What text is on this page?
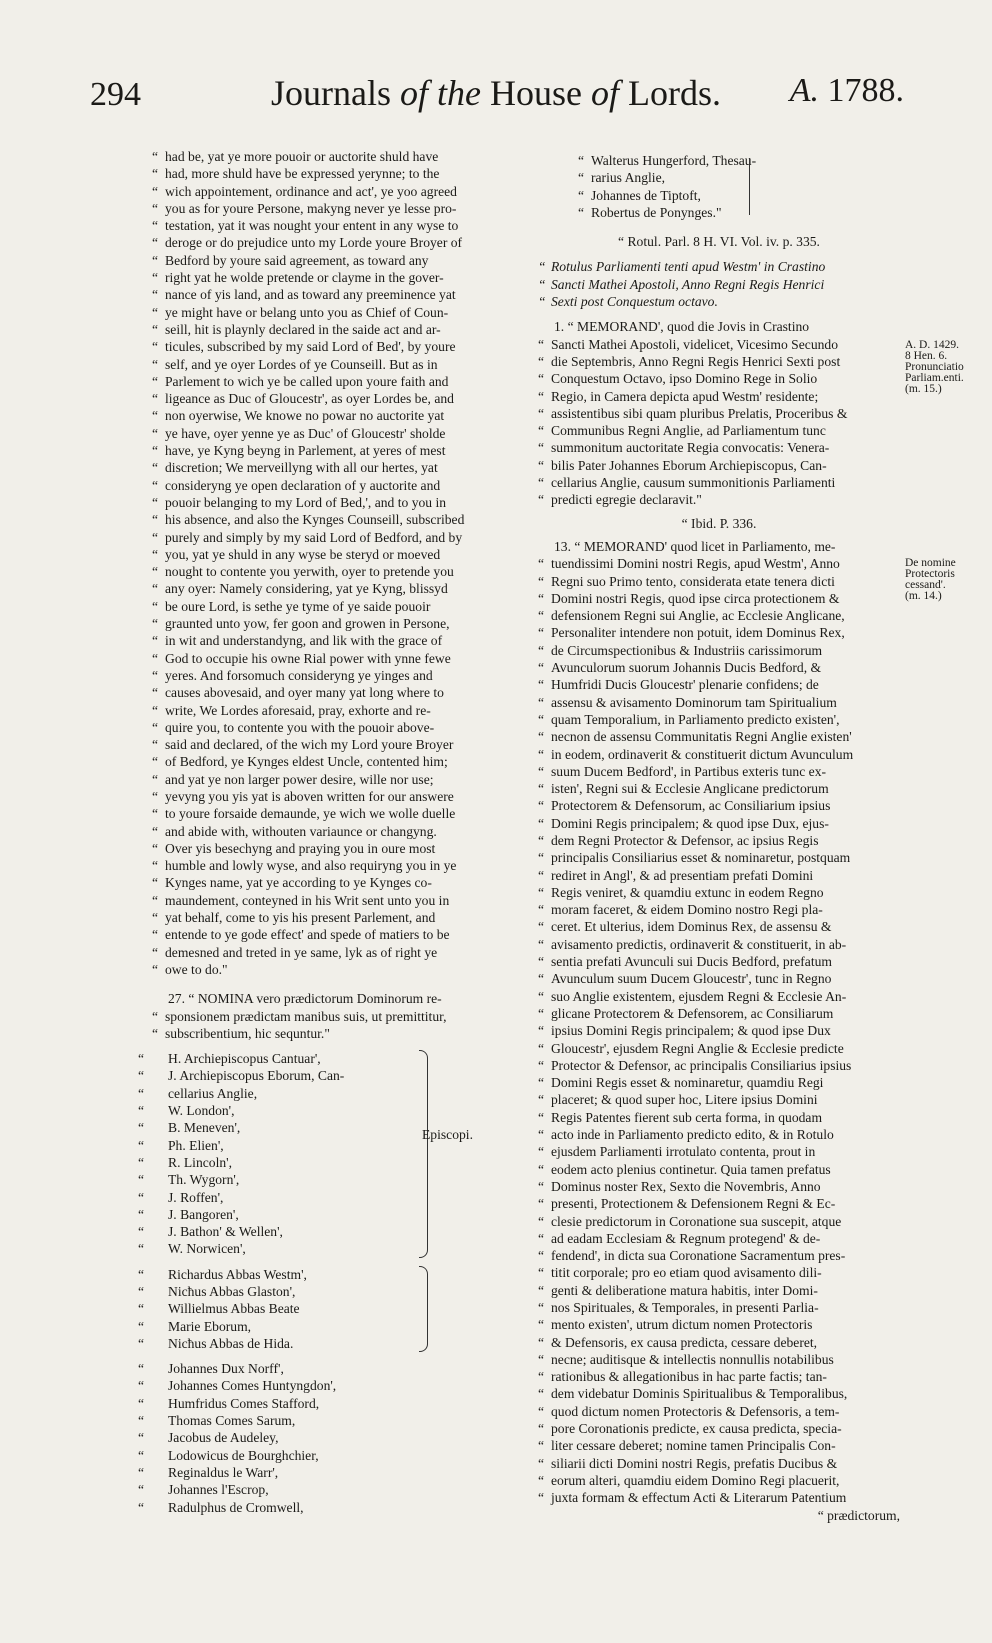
294	Journals of the House of Lords.	A. 1788.

“ had be, yat ye more pouoir or auctorite shuld have

“ had, more shuld have be expressed yerynne; to the

“ wich appointement, ordinance and act', ye yoo agreed

“ you as for youre Persone, makyng never ye lesse pro-

“ testation, yat it was nought your entent in any wyse to

“ deroge or do prejudice unto my Lorde youre Broyer of

“ Bedford by youre said agreement, as toward any

“ right yat he wolde pretende or clayme in the gover-

“ nance of yis land, and as toward any preeminence yat

“ ye might have or belang unto you as Chief of Coun-

“ seill, hit is playnly declared in the saide act and ar-

“ ticules, subscribed by my said Lord of Bed', by youre

“ self, and ye oyer Lordes of ye Counseill. But as in

“ Parlement to wich ye be called upon youre faith and

“ ligeance as Duc of Gloucestr', as oyer Lordes be, and

“ non oyerwise, We knowe no powar no auctorite yat

“ ye have, oyer yenne ye as Duc' of Gloucestr' sholde

“ have, ye Kyng beyng in Parlement, at yeres of mest

“ discretion; We merveillyng with all our hertes, yat

“ consideryng ye open declaration of y auctorite and

“ pouoir belanging to my Lord of Bed,', and to you in

“ his absence, and also the Kynges Counseill, subscribed

“ purely and simply by my said Lord of Bedford, and by

“ you, yat ye shuld in any wyse be steryd or moeved

“ nought to contente you yerwith, oyer to pretende you

“ any oyer: Namely considering, yat ye Kyng, blissyd

“ be oure Lord, is sethe ye tyme of ye saide pouoir

“ graunted unto yow, fer goon and growen in Persone,

“ in wit and understandyng, and lik with the grace of

“ God to occupie his owne Rial power with ynne fewe

“ yeres. And forsomuch consideryng ye yinges and

“ causes abovesaid, and oyer many yat long where to

“ write, We Lordes aforesaid, pray, exhorte and re-

“ quire you, to contente you with the pouoir above-

“ said and declared, of the wich my Lord youre Broyer

“ of Bedford, ye Kynges eldest Uncle, contented him;

“ and yat ye non larger power desire, wille nor use;

“ yevyng you yis yat is aboven written for our answere

“ to youre forsaide demaunde, ye wich we wolle duelle

“ and abide with, withouten variaunce or changyng.

“ Over yis besechyng and praying you in oure most

“ humble and lowly wyse, and also requiryng you in ye

“ Kynges name, yat ye according to ye Kynges co-

“ maundement, conteyned in his Writ sent unto you in

“ yat behalf, come to yis his present Parlement, and

“ entende to ye gode effect' and spede of matiers to be

“ demesned and treted in ye same, lyk as of right ye

“ owe to do."

27. “ NOMINA vero prædictorum Dominorum re-

“ sponsionem prædictam manibus suis, ut premittitur,

“ subscribentium, hic sequntur."

“ H. Archiepiscopus Cantuar',

“ J. Archiepiscopus Eborum, Can-

“ cellarius Anglie,

“ W. London',

“ B. Meneven',

“ Ph. Elien',

“ R. Lincoln',

“ Th. Wygorn',

“ J. Roffen',

“ J. Bangoren',

“ J. Bathon' & Wellen',

“ W. Norwicen',

Episcopi.

“ Richardus Abbas Westm',

“ Nicħus Abbas Glaston',

“ Willielmus Abbas Beate

“ Marie Eborum,

“ Nicħus Abbas de Hida.

“ Johannes Dux Norff',

“ Johannes Comes Huntyngdon',

“ Humfridus Comes Stafford,

“ Thomas Comes Sarum,

“ Jacobus de Audeley,

“ Lodowicus de Bourghchier,

“ Reginaldus le Warr',

“ Johannes l'Escrop,

“ Radulphus de Cromwell,

“ Walterus Hungerford, Thesau-

“ rarius Anglie,

“ Johannes de Tiptoft,

“ Robertus de Ponynges."

“ Rotul. Parl. 8 H. VI. Vol. iv. p. 335.

“ Rotulus Parliamenti tenti apud Westm' in Crastino

“ Sancti Mathei Apostoli, Anno Regni Regis Henrici

“ Sexti post Conquestum octavo.

1. “ MEMORAND', quod die Jovis in Crastino

“ Sancti Mathei Apostoli, videlicet, Vicesimo Secundo

“ die Septembris, Anno Regni Regis Henrici Sexti post

“ Conquestum Octavo, ipso Domino Rege in Solio

“ Regio, in Camera depicta apud Westm' residente;

“ assistentibus sibi quam pluribus Prelatis, Proceribus &

“ Communibus Regni Anglie, ad Parliamentum tunc

“ summonitum auctoritate Regia convocatis: Venera-

“ bilis Pater Johannes Eborum Archiepiscopus, Can-

“ cellarius Anglie, causum summonitionis Parliamenti

“ predicti egregie declaravit."

“ Ibid. P. 336.

13. “ MEMORAND' quod licet in Parliamento, me-

“ tuendissimi Domini nostri Regis, apud Westm', Anno

“ Regni suo Primo tento, considerata etate tenera dicti

“ Domini nostri Regis, quod ipse circa protectionem &

“ defensionem Regni sui Anglie, ac Ecclesie Anglicane,

“ Personaliter intendere non potuit, idem Dominus Rex,

“ de Circumspectionibus & Industriis carissimorum

“ Avunculorum suorum Johannis Ducis Bedford, &

“ Humfridi Ducis Gloucestr' plenarie confidens; de

“ assensu & avisamento Dominorum tam Spiritualium

“ quam Temporalium, in Parliamento predicto existen',

“ necnon de assensu Communitatis Regni Anglie existen'

“ in eodem, ordinaverit & constituerit dictum Avunculum

“ suum Ducem Bedford', in Partibus exteris tunc ex-

“ isten', Regni sui & Ecclesie Anglicane predictorum

“ Protectorem & Defensorum, ac Consiliarium ipsius

“ Domini Regis principalem; & quod ipse Dux, ejus-

“ dem Regni Protector & Defensor, ac ipsius Regis

“ principalis Consiliarius esset & nominaretur, postquam

“ rediret in Angl', & ad presentiam prefati Domini

“ Regis veniret, & quamdiu extunc in eodem Regno

“ moram faceret, & eidem Domino nostro Regi pla-

“ ceret. Et ulterius, idem Dominus Rex, de assensu &

“ avisamento predictis, ordinaverit & constituerit, in ab-

“ sentia prefati Avunculi sui Ducis Bedford, prefatum

“ Avunculum suum Ducem Gloucestr', tunc in Regno

“ suo Anglie existentem, ejusdem Regni & Ecclesie An-

“ glicane Protectorem & Defensorem, ac Consiliarum

“ ipsius Domini Regis principalem; & quod ipse Dux

“ Gloucestr', ejusdem Regni Anglie & Ecclesie predicte

“ Protector & Defensor, ac principalis Consiliarius ipsius

“ Domini Regis esset & nominaretur, quamdiu Regi

“ placeret; & quod super hoc, Litere ipsius Domini

“ Regis Patentes fierent sub certa forma, in quodam

“ acto inde in Parliamento predicto edito, & in Rotulo

“ ejusdem Parliamenti irrotulato contenta, prout in

“ eodem acto plenius continetur. Quia tamen prefatus

“ Dominus noster Rex, Sexto die Novembris, Anno

“ presenti, Protectionem & Defensionem Regni & Ec-

“ clesie predictorum in Coronatione sua suscepit, atque

“ ad eadam Ecclesiam & Regnum protegend' & de-

“ fendend', in dicta sua Coronatione Sacramentum pres-

“ titit corporale; pro eo etiam quod avisamento dili-

“ genti & deliberatione matura habitis, inter Domi-

“ nos Spirituales, & Temporales, in presenti Parlia-

“ mento existen', utrum dictum nomen Protectoris

“ & Defensoris, ex causa predicta, cessare deberet,

“ necne; auditisque & intellectis nonnullis notabilibus

“ rationibus & allegationibus in hac parte factis; tan-

“ dem videbatur Dominis Spiritualibus & Temporalibus,

“ quod dictum nomen Protectoris & Defensoris, a tem-

“ pore Coronationis predicte, ex causa predicta, specia-

“ liter cessare deberet; nomine tamen Principalis Con-

“ siliarii dicti Domini nostri Regis, prefatis Ducibus &

“ eorum alteri, quamdiu eidem Domino Regi placuerit,

“ juxta formam & effectum Acti & Literarum Patentium

“ prædictorum,

A. D. 1429.

8 Hen. 6.

Pronunciatio

Parliam.enti.

(m. 15.)

De nomine

Protectoris

cessand'.

(m. 14.)
